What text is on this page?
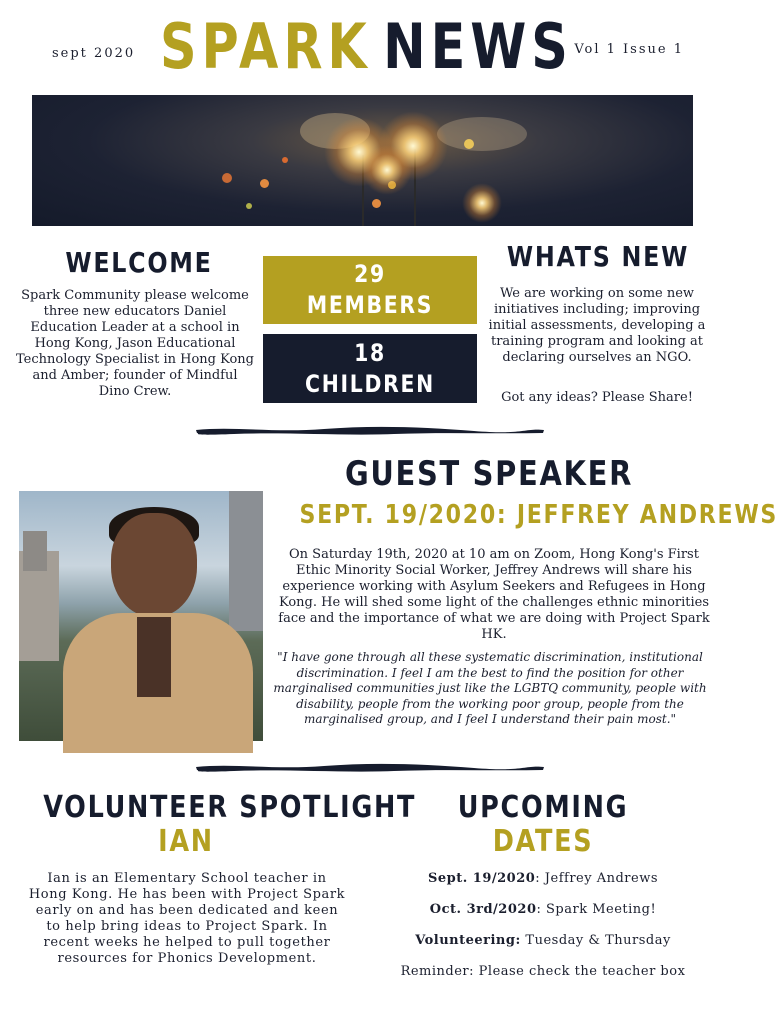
sept 2020 SPARK NEWS Vol 1 Issue 1
WELCOME
Spark Community please welcome three new educators Daniel Education Leader at a school in Hong Kong, Jason Educational Technology Specialist in Hong Kong and Amber; founder of Mindful Dino Crew.
29
MEMBERS
18
CHILDREN
WHATS NEW
We are working on some new initiatives including; improving initial assessments, developing a training program and looking at declaring ourselves an NGO.
Got any ideas? Please Share!
GUEST SPEAKER
SEPT. 19/2020: JEFFREY ANDREWS
On Saturday 19th, 2020 at 10 am on Zoom, Hong Kong's First Ethic Minority Social Worker, Jeffrey Andrews will share his experience working with Asylum Seekers and Refugees in Hong Kong. He will shed some light of the challenges ethnic minorities face and the importance of what we are doing with Project Spark HK.
"I have gone through all these systematic discrimination, institutional discrimination. I feel I am the best to find the position for other marginalised communities just like the LGBTQ community, people with disability, people from the working poor group, people from the marginalised group, and I feel I understand their pain most."
VOLUNTEER SPOTLIGHT
IAN
Ian is an Elementary School teacher in Hong Kong. He has been with Project Spark early on and has been dedicated and keen to help bring ideas to Project Spark. In recent weeks he helped to pull together resources for Phonics Development.
UPCOMING
DATES
Sept. 19/2020: Jeffrey Andrews
Oct. 3rd/2020: Spark Meeting!
Volunteering: Tuesday & Thursday
Reminder: Please check the teacher box
